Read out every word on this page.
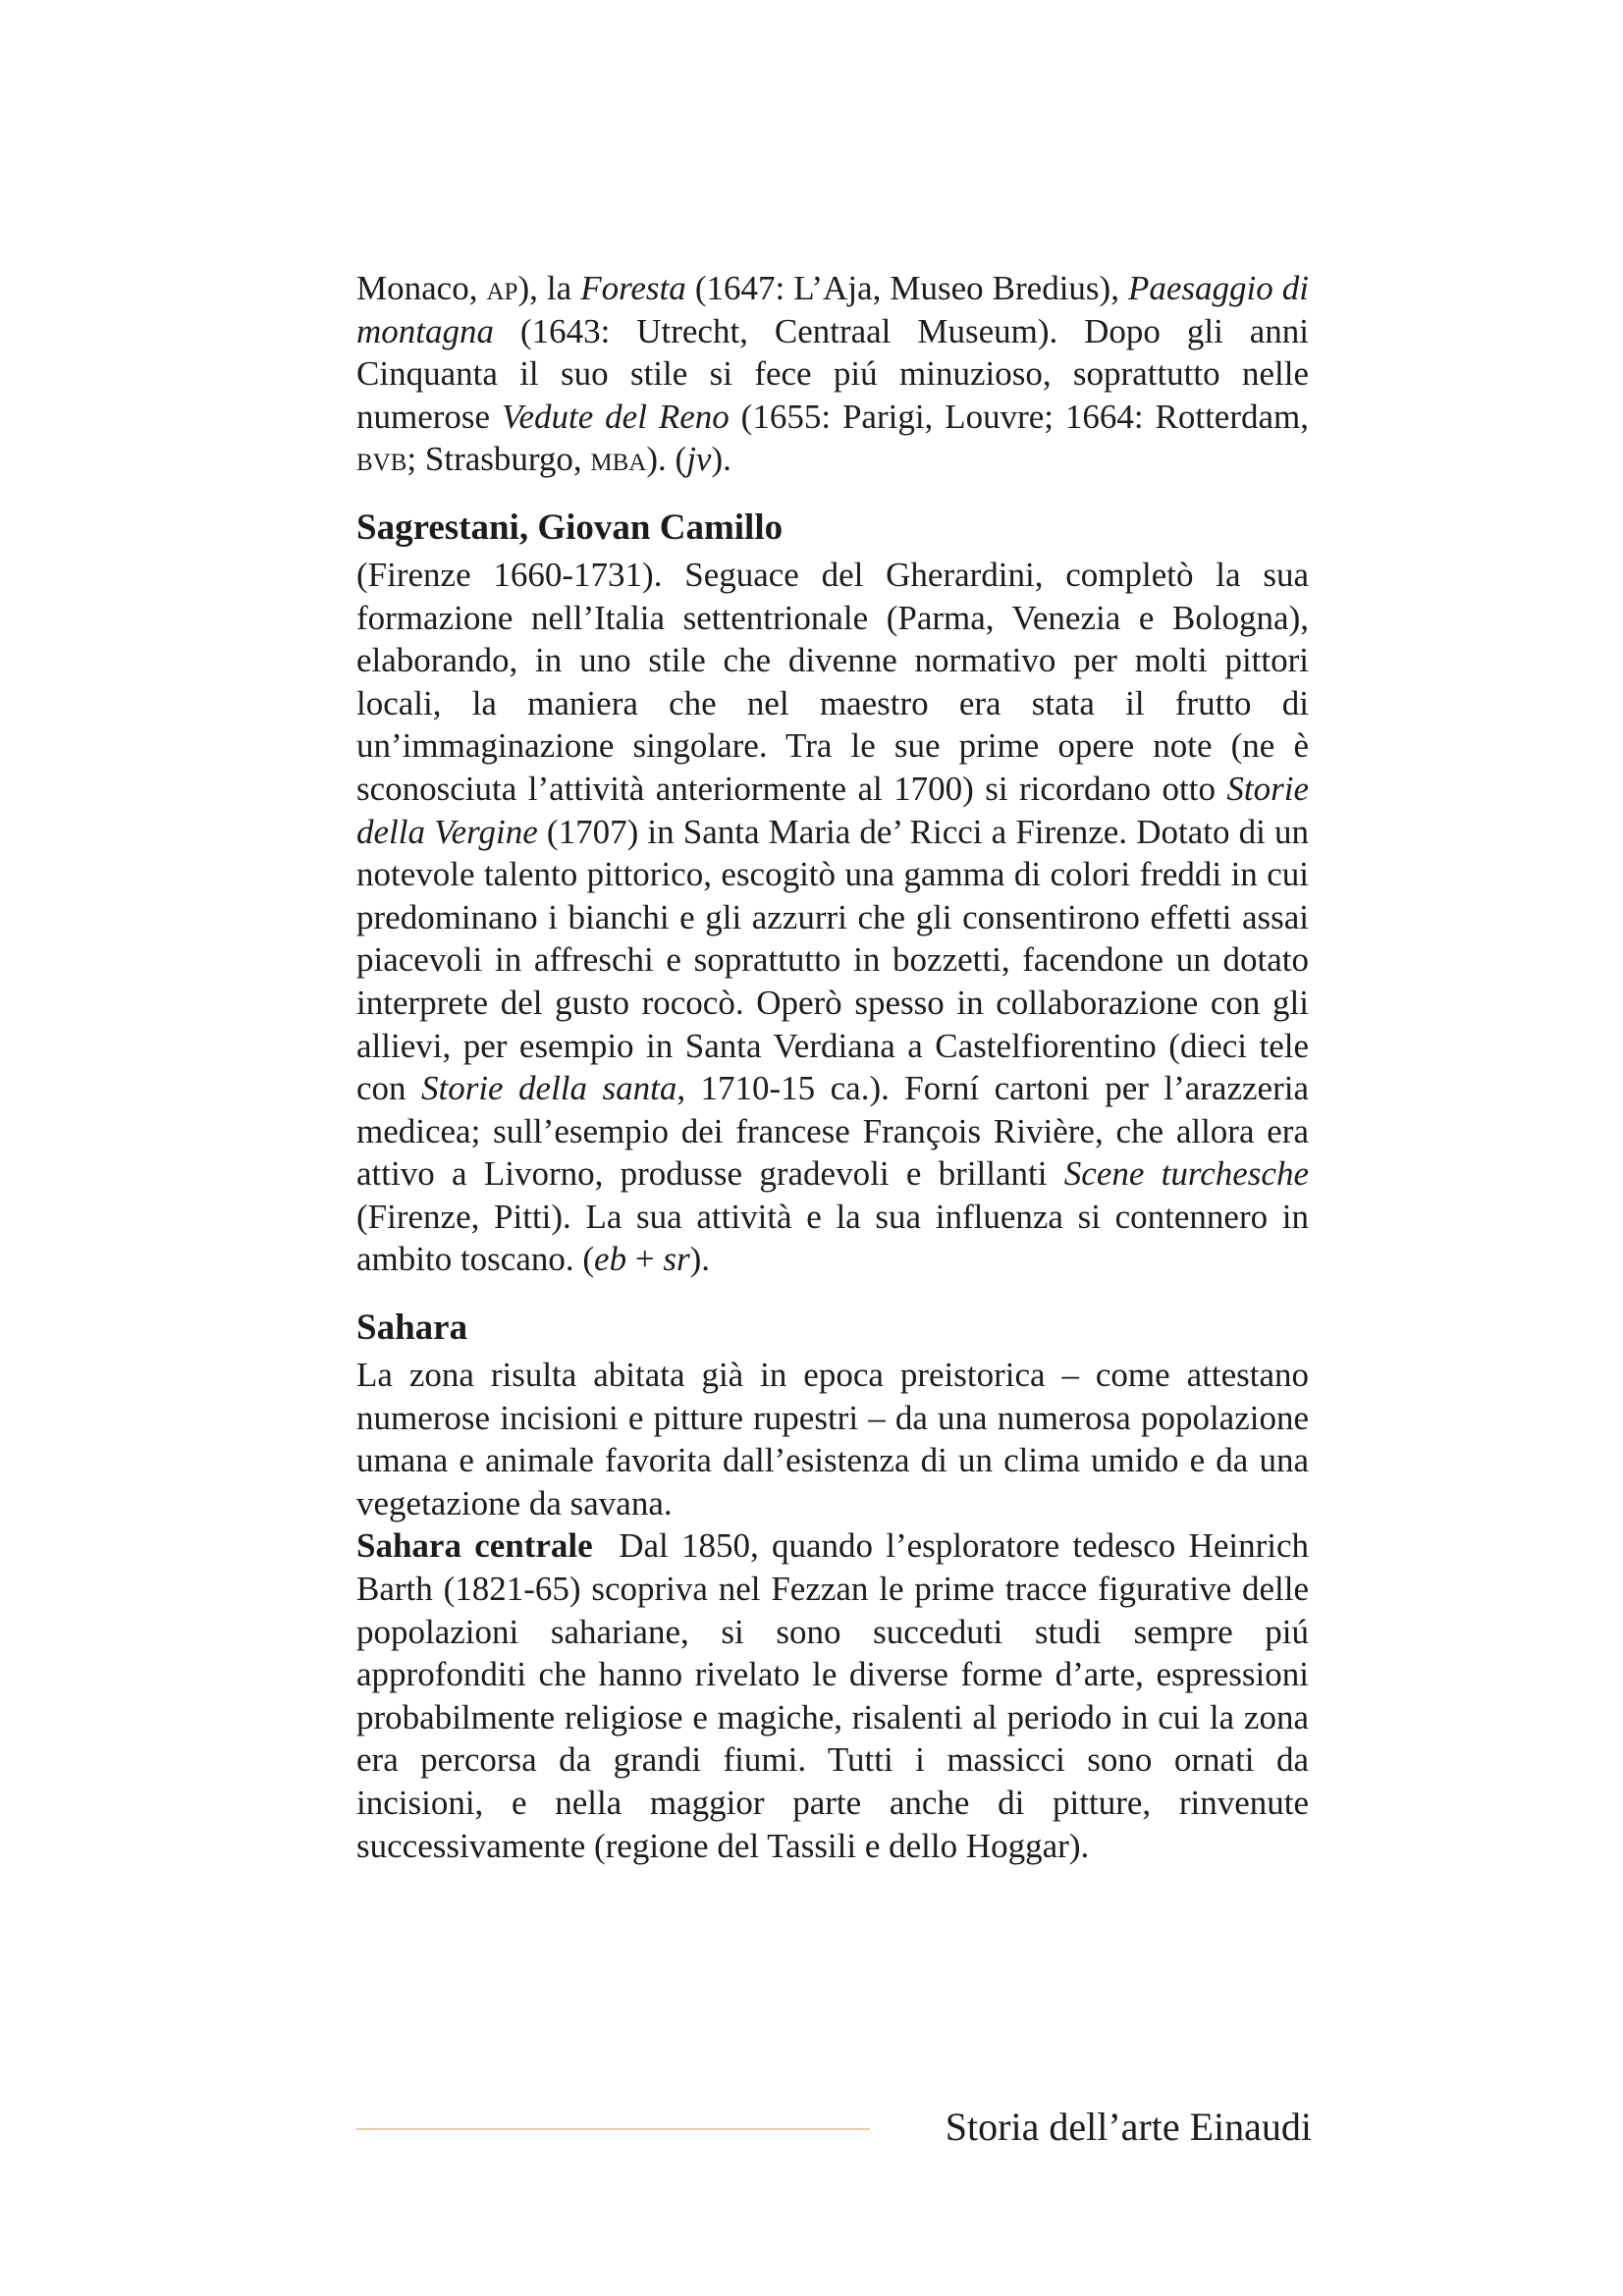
Monaco, ap), la Foresta (1647: L’Aja, Museo Bredius), Paesaggio di montagna (1643: Utrecht, Centraal Museum). Dopo gli anni Cinquanta il suo stile si fece piú minuzioso, soprattutto nelle numerose Vedute del Reno (1655: Parigi, Louvre; 1664: Rotterdam, bvb; Strasburgo, mba). (jv).

Sagrestani, Giovan Camillo

(Firenze 1660-1731). Seguace del Gherardini, completò la sua formazione nell’Italia settentrionale (Parma, Venezia e Bologna), elaborando, in uno stile che divenne normativo per molti pittori locali, la maniera che nel maestro era stata il frutto di un’immaginazione singolare. Tra le sue prime opere note (ne è sconosciuta l’attività anteriormente al 1700) si ricordano otto Storie della Vergine (1707) in Santa Maria de’ Ricci a Firenze. Dotato di un notevole talento pittorico, escogitò una gamma di colori freddi in cui predominano i bianchi e gli azzurri che gli consentirono effetti assai piacevoli in affreschi e soprattutto in bozzetti, facendone un dotato interprete del gusto rococò. Operò spesso in collaborazione con gli allievi, per esempio in Santa Verdiana a Castelfiorentino (dieci tele con Storie della santa, 1710-15 ca.). Forní cartoni per l’arazzeria medicea; sull’esempio dei francese François Rivière, che allora era attivo a Livorno, produsse gradevoli e brillanti Scene turchesche (Firenze, Pitti). La sua attività e la sua influenza si contennero in ambito toscano. (eb + sr).

Sahara

La zona risulta abitata già in epoca preistorica – come attestano numerose incisioni e pitture rupestri – da una numerosa popolazione umana e animale favorita dall’esistenza di un clima umido e da una vegetazione da savana.

Sahara centrale Dal 1850, quando l’esploratore tedesco Heinrich Barth (1821-65) scopriva nel Fezzan le prime tracce figurative delle popolazioni sahariane, si sono succeduti studi sempre piú approfonditi che hanno rivelato le diverse forme d’arte, espressioni probabilmente religiose e magiche, risalenti al periodo in cui la zona era percorsa da grandi fiumi. Tutti i massicci sono ornati da incisioni, e nella maggior parte anche di pitture, rinvenute successivamente (regione del Tassili e dello Hoggar).

Storia dell’arte Einaudi
